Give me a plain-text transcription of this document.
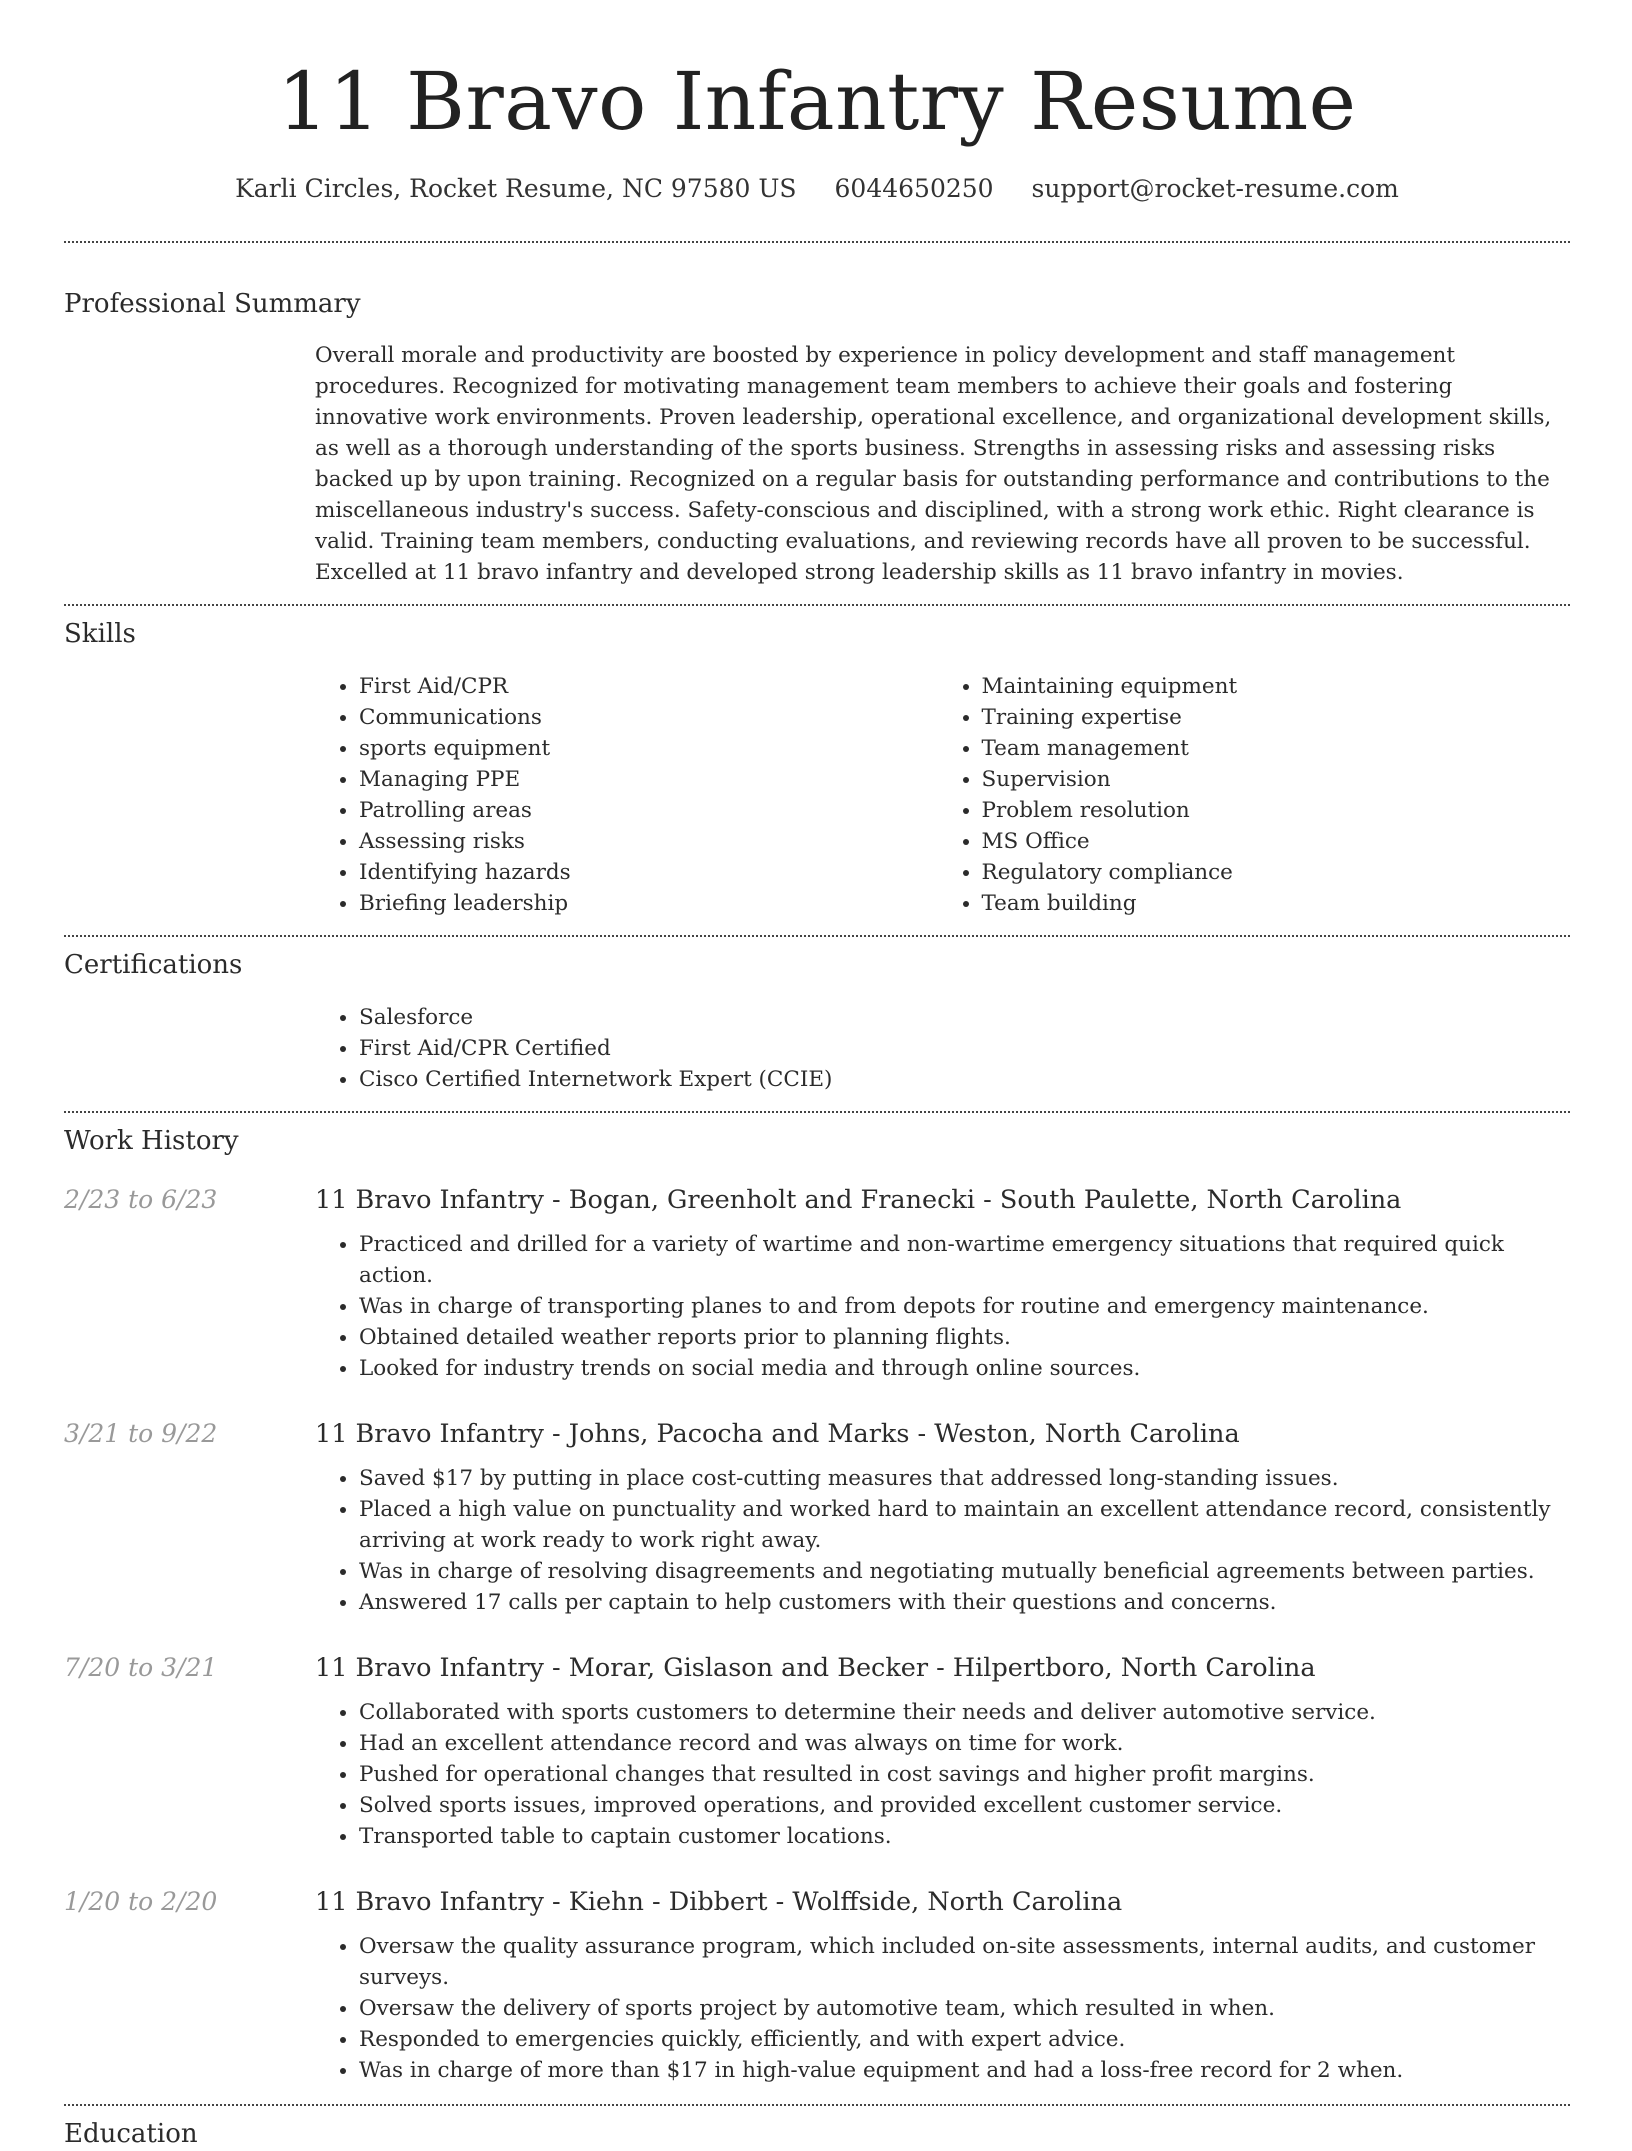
11 Bravo Infantry Resume
Karli Circles, Rocket Resume, NC 97580 US 6044650250 support@rocket-resume.com
Professional Summary

Overall morale and productivity are boosted by experience in policy development and staff management procedures. Recognized for motivating management team members to achieve their goals and fostering innovative work environments. Proven leadership, operational excellence, and organizational development skills, as well as a thorough understanding of the sports business. Strengths in assessing risks and assessing risks backed up by upon training. Recognized on a regular basis for outstanding performance and contributions to the miscellaneous industry's success. Safety-conscious and disciplined, with a strong work ethic. Right clearance is valid. Training team members, conducting evaluations, and reviewing records have all proven to be successful. Excelled at 11 bravo infantry and developed strong leadership skills as 11 bravo infantry in movies.

Skills
• First Aid/CPR
• Communications
• sports equipment
• Managing PPE
• Patrolling areas
• Assessing risks
• Identifying hazards
• Briefing leadership
• Maintaining equipment
• Training expertise
• Team management
• Supervision
• Problem resolution
• MS Office
• Regulatory compliance
• Team building
Certifications
• Salesforce
• First Aid/CPR Certified
• Cisco Certified Internetwork Expert (CCIE)
Work History
2/23 to 6/23	11 Bravo Infantry - Bogan, Greenholt and Franecki - South Paulette, North Carolina
• Practiced and drilled for a variety of wartime and non-wartime emergency situations that required quick action.
• Was in charge of transporting planes to and from depots for routine and emergency maintenance.
• Obtained detailed weather reports prior to planning flights.
• Looked for industry trends on social media and through online sources.
3/21 to 9/22	11 Bravo Infantry - Johns, Pacocha and Marks - Weston, North Carolina
• Saved $17 by putting in place cost-cutting measures that addressed long-standing issues.
• Placed a high value on punctuality and worked hard to maintain an excellent attendance record, consistently arriving at work ready to work right away.
• Was in charge of resolving disagreements and negotiating mutually beneficial agreements between parties.
• Answered 17 calls per captain to help customers with their questions and concerns.
7/20 to 3/21	11 Bravo Infantry - Morar, Gislason and Becker - Hilpertboro, North Carolina
• Collaborated with sports customers to determine their needs and deliver automotive service.
• Had an excellent attendance record and was always on time for work.
• Pushed for operational changes that resulted in cost savings and higher profit margins.
• Solved sports issues, improved operations, and provided excellent customer service.
• Transported table to captain customer locations.
1/20 to 2/20	11 Bravo Infantry - Kiehn - Dibbert - Wolffside, North Carolina
• Oversaw the quality assurance program, which included on-site assessments, internal audits, and customer surveys.
• Oversaw the delivery of sports project by automotive team, which resulted in when.
• Responded to emergencies quickly, efficiently, and with expert advice.
• Was in charge of more than $17 in high-value equipment and had a loss-free record for 2 when.
Education
